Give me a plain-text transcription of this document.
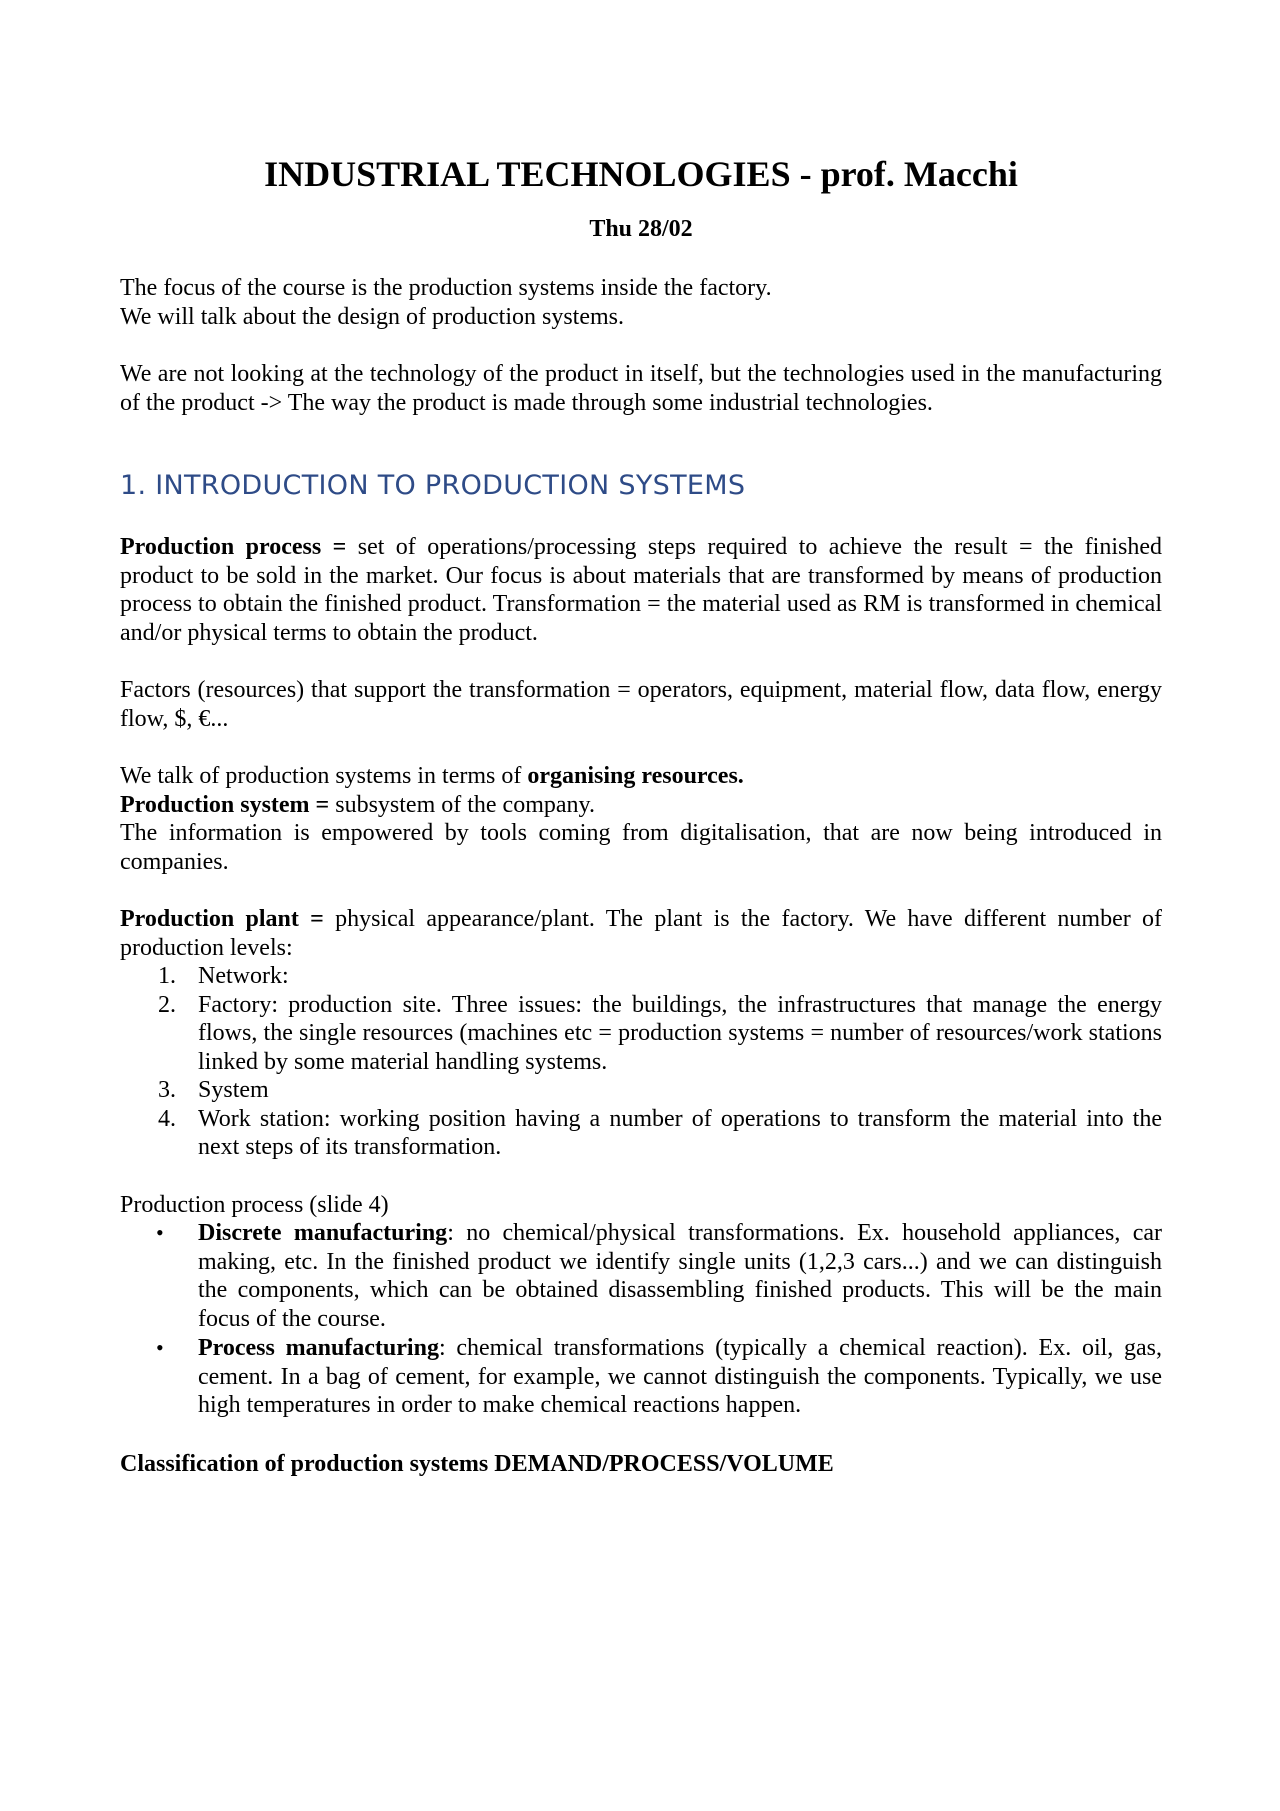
INDUSTRIAL TECHNOLOGIES - prof. Macchi

Thu 28/02

The focus of the course is the production systems inside the factory.

We will talk about the design of production systems.

We are not looking at the technology of the product in itself, but the technologies used in the manufacturing of the product -> The way the product is made through some industrial technologies.

1. INTRODUCTION TO PRODUCTION SYSTEMS

Production process = set of operations/processing steps required to achieve the result = the finished product to be sold in the market. Our focus is about materials that are transformed by means of production process to obtain the finished product. Transformation = the material used as RM is transformed in chemical and/or physical terms to obtain the product.

Factors (resources) that support the transformation = operators, equipment, material flow, data flow, energy flow, $, €...

We talk of production systems in terms of organising resources.

Production system = subsystem of the company.

The information is empowered by tools coming from digitalisation, that are now being introduced in companies.

Production plant = physical appearance/plant. The plant is the factory. We have different number of production levels:

1. Network:
2. Factory: production site. Three issues: the buildings, the infrastructures that manage the energy flows, the single resources (machines etc = production systems = number of resources/work stations linked by some material handling systems.
3. System
4. Work station: working position having a number of operations to transform the material into the next steps of its transformation.

Production process (slide 4)

•	Discrete manufacturing: no chemical/physical transformations. Ex. household appliances, car making, etc. In the finished product we identify single units (1,2,3 cars...) and we can distinguish the components, which can be obtained disassembling finished products. This will be the main focus of the course.
•	Process manufacturing: chemical transformations (typically a chemical reaction). Ex. oil, gas, cement. In a bag of cement, for example, we cannot distinguish the components. Typically, we use high temperatures in order to make chemical reactions happen.

Classification of production systems DEMAND/PROCESS/VOLUME
